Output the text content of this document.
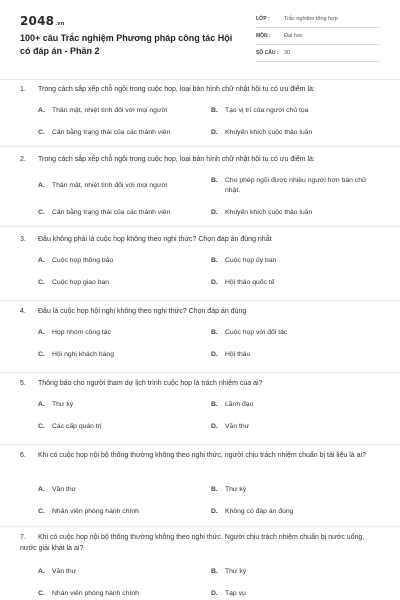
2048.vn
100+ câu Trắc nghiệm Phương pháp công tác Hội có đáp án - Phần 2
LỚP :	Trắc nghiệm tổng hợp
MÔN : Đại học
SỐ CÂU : 30
1. Trong cách sắp xếp chỗ ngồi trong cuộc họp, loại bàn hình chữ nhật hội tụ có ưu điểm là:
A. Thân mật, nhiệt tình đối với mọi người	B. Tạo vị trí của người chủ tọa
C. Cân bằng trạng thái của các thành viên	D. Khuyến khích cuộc thảo luận
2. Trong cách sắp xếp chỗ ngồi trong cuộc họp, loại bàn hình chữ nhật hội tụ có ưu điểm là:
A. Thân mật, nhiệt tình đối với mọi người
B. Cho phép ngồi được nhiều người hơn bàn chữ nhật.
C. Cân bằng trạng thái của các thành viên	D. Khuyến khích cuộc thảo luận
3. Đâu không phải là cuộc họp không theo nghi thức? Chọn đáp án đúng nhất
A. Cuộc họp thông báo	B. Cuộc họp ủy ban
C. Cuộc họp giao ban	D. Hội thảo quốc tế
4. Đâu là cuộc họp hội nghị không theo nghi thức? Chọn đáp án đúng
A. Họp nhóm công tác	B. Cuộc họp với đối tác
C. Hội nghị khách hàng	D. Hội thảo
5. Thông báo cho người tham dự lịch trình cuộc họp là trách nhiệm của ai?
A. Thư ký	B. Lãnh đạo
C. Các cấp quản trị	D. Văn thư
6. Khi có cuộc họp nội bộ thông thường không theo nghi thức, người chịu trách nhiệm chuẩn bị tài liệu là ai?
A. Văn thư	B. Thư ký
C. Nhân viên phòng hành chính	D. Không có đáp án đúng
7. Khi có cuộc họp nội bộ thông thường không theo nghi thức. Người chịu trách nhiệm chuẩn bị nước uống, nước giải khát là ai?
A. Văn thư	B. Thư ký
C. Nhân viên phòng hành chính	D. Tạp vụ
